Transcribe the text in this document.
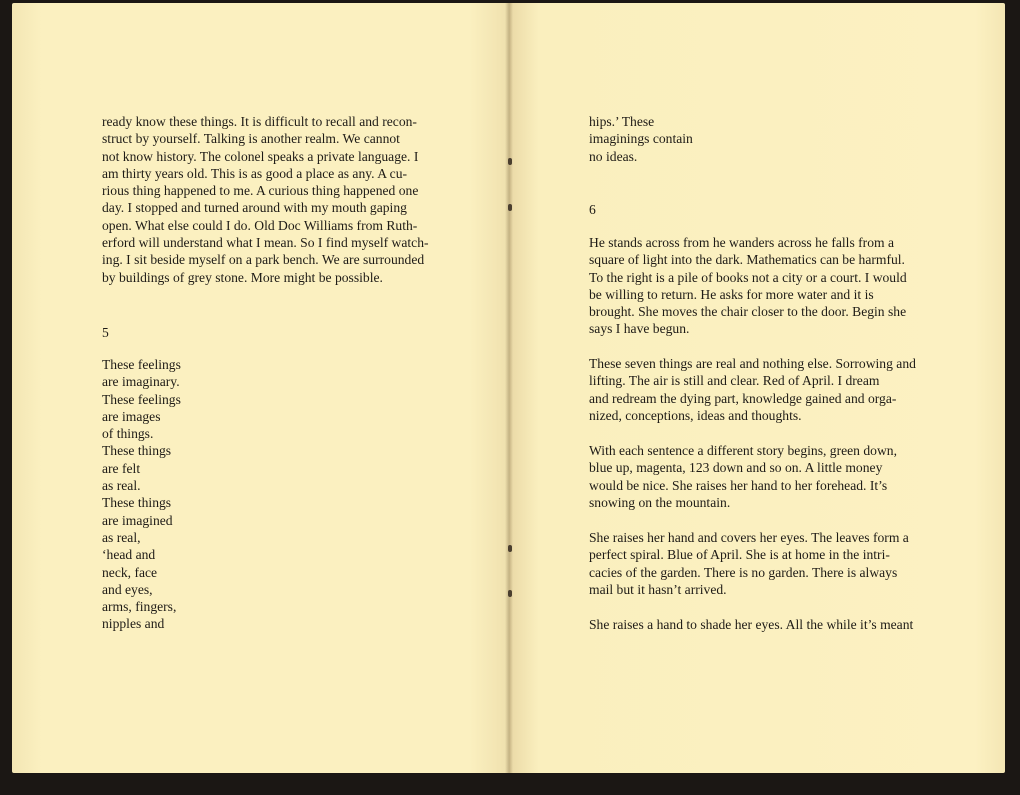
ready know these things. It is difficult to recall and recon-
struct by yourself. Talking is another realm. We cannot
not know history. The colonel speaks a private language. I
am thirty years old. This is as good a place as any. A cu-
rious thing happened to me. A curious thing happened one
day. I stopped and turned around with my mouth gaping
open. What else could I do. Old Doc Williams from Ruth-
erford will understand what I mean. So I find myself watch-
ing. I sit beside myself on a park bench. We are surrounded
by buildings of grey stone. More might be possible.
5
These feelings
are imaginary.
These feelings
are images
of things.
These things
are felt
as real.
These things
are imagined
as real,
‘head and
neck, face
and eyes,
arms, fingers,
nipples and
hips.’ These
imaginings contain
no ideas.
6
He stands across from he wanders across he falls from a
square of light into the dark. Mathematics can be harmful.
To the right is a pile of books not a city or a court. I would
be willing to return. He asks for more water and it is
brought. She moves the chair closer to the door. Begin she
says I have begun.
These seven things are real and nothing else. Sorrowing and
lifting. The air is still and clear. Red of April. I dream
and redream the dying part, knowledge gained and orga-
nized, conceptions, ideas and thoughts.
With each sentence a different story begins, green down,
blue up, magenta, 123 down and so on. A little money
would be nice. She raises her hand to her forehead. It’s
snowing on the mountain.
She raises her hand and covers her eyes. The leaves form a
perfect spiral. Blue of April. She is at home in the intri-
cacies of the garden. There is no garden. There is always
mail but it hasn’t arrived.
She raises a hand to shade her eyes. All the while it’s meant
